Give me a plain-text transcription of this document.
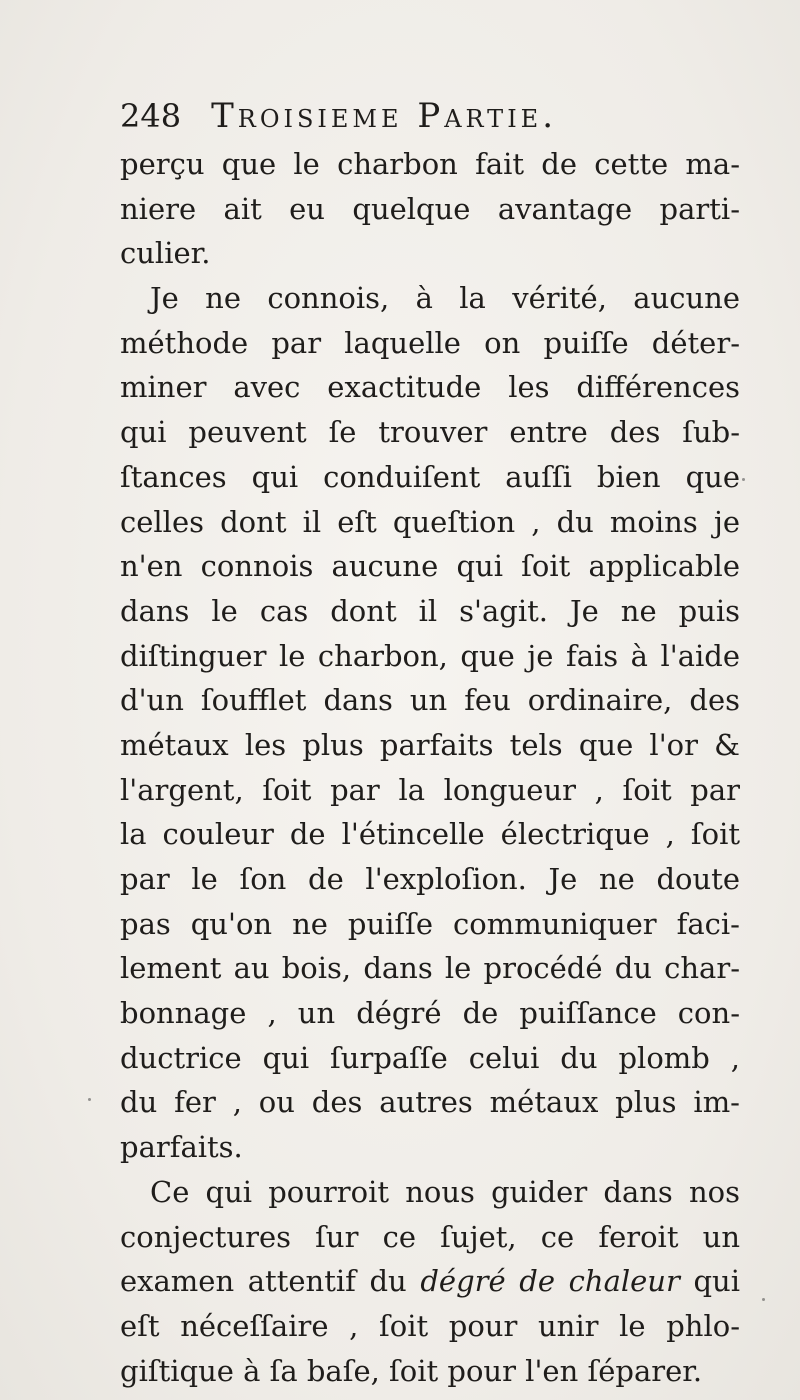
248 Troisieme Partie.
perçu que le charbon fait de cette ma-
niere ait eu quelque avantage parti-
culier.
Je ne connois, à la vérité, aucune
méthode par laquelle on puiſſe déter-
miner avec exactitude les différences
qui peuvent ſe trouver entre des ſub-
ſtances qui conduiſent auſſi bien que
celles dont il eſt queſtion , du moins je
n'en connois aucune qui ſoit applicable
dans le cas dont il s'agit. Je ne puis
diſtinguer le charbon, que je fais à l'aide
d'un ſoufflet dans un feu ordinaire, des
métaux les plus parfaits tels que l'or &
l'argent, ſoit par la longueur , ſoit par
la couleur de l'étincelle électrique , ſoit
par le ſon de l'exploſion. Je ne doute
pas qu'on ne puiſſe communiquer faci-
lement au bois, dans le procédé du char-
bonnage , un dégré de puiſſance con-
ductrice qui ſurpaſſe celui du plomb ,
du fer , ou des autres métaux plus im-
parfaits.
Ce qui pourroit nous guider dans nos
conjectures ſur ce ſujet, ce feroit un
examen attentif du dégré de chaleur qui
eſt néceſſaire , ſoit pour unir le phlo-
giſtique à ſa baſe, ſoit pour l'en ſéparer.
